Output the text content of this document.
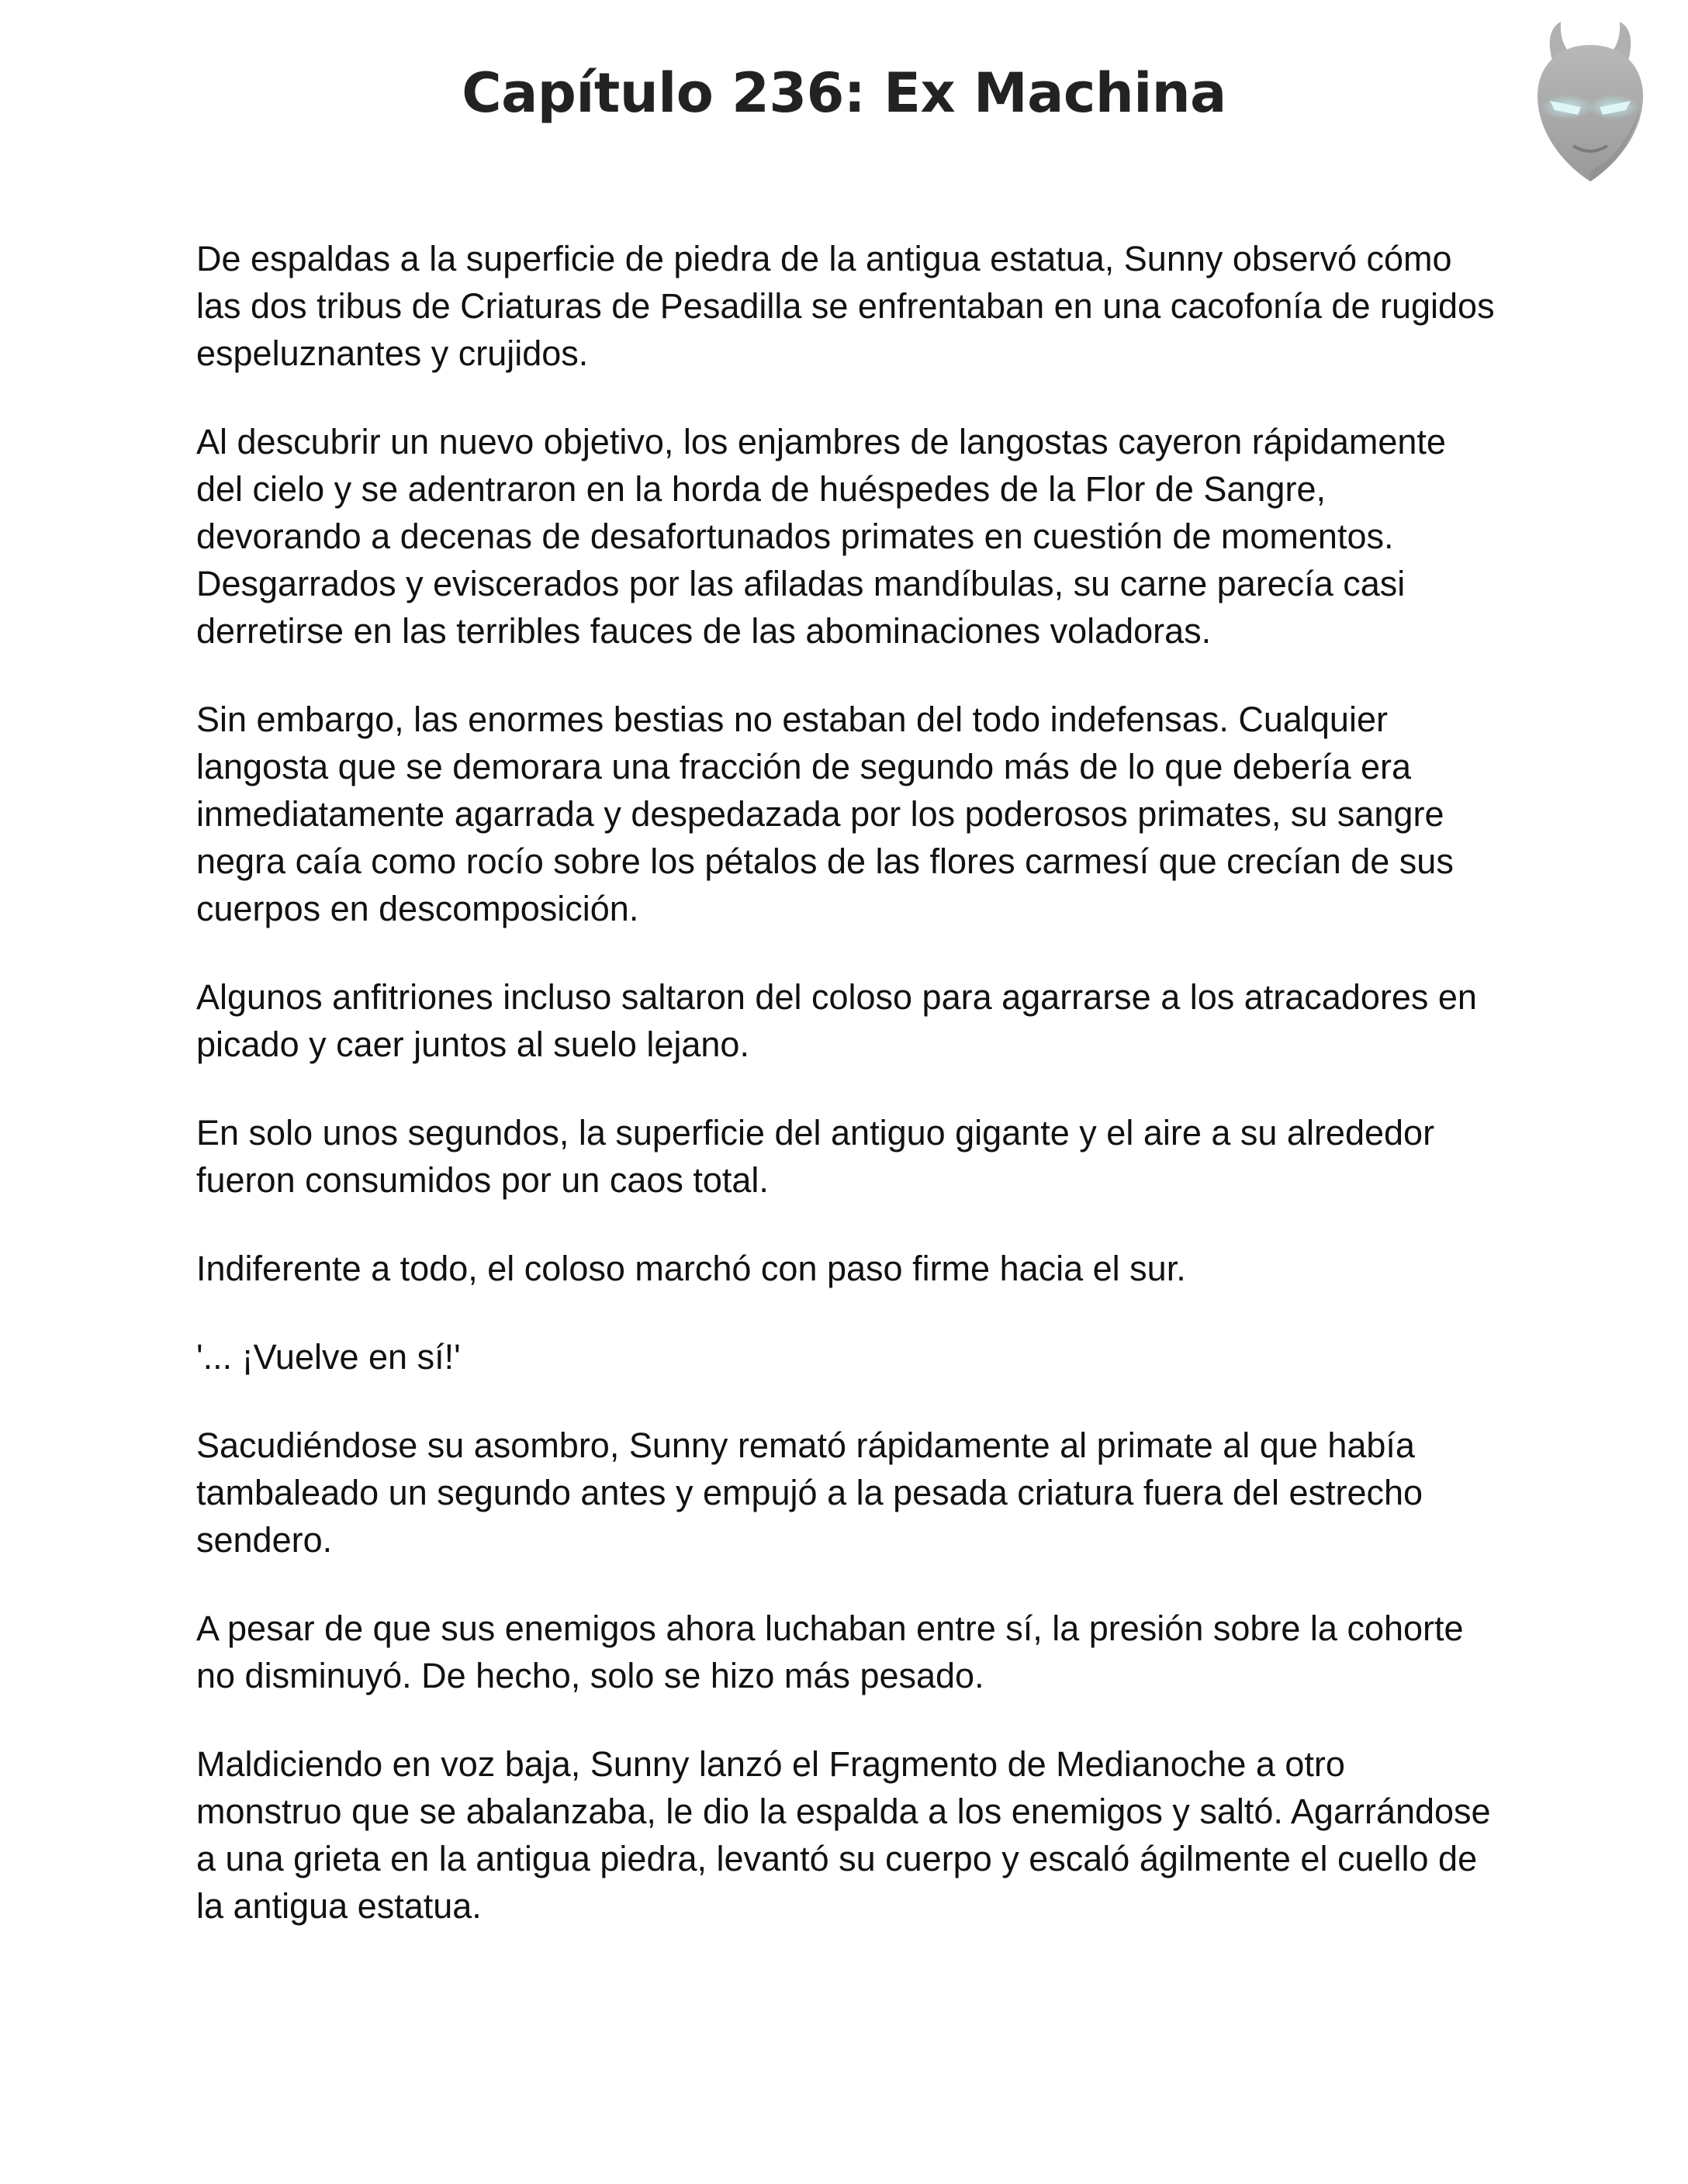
Capítulo 236: Ex Machina

De espaldas a la superficie de piedra de la antigua estatua, Sunny observó cómo las dos tribus de Criaturas de Pesadilla se enfrentaban en una cacofonía de rugidos espeluznantes y crujidos.

Al descubrir un nuevo objetivo, los enjambres de langostas cayeron rápidamente del cielo y se adentraron en la horda de huéspedes de la Flor de Sangre, devorando a decenas de desafortunados primates en cuestión de momentos. Desgarrados y eviscerados por las afiladas mandíbulas, su carne parecía casi derretirse en las terribles fauces de las abominaciones voladoras.

Sin embargo, las enormes bestias no estaban del todo indefensas. Cualquier langosta que se demorara una fracción de segundo más de lo que debería era inmediatamente agarrada y despedazada por los poderosos primates, su sangre negra caía como rocío sobre los pétalos de las flores carmesí que crecían de sus cuerpos en descomposición.

Algunos anfitriones incluso saltaron del coloso para agarrarse a los atracadores en picado y caer juntos al suelo lejano.

En solo unos segundos, la superficie del antiguo gigante y el aire a su alrededor fueron consumidos por un caos total.

Indiferente a todo, el coloso marchó con paso firme hacia el sur.

'... ¡Vuelve en sí!'

Sacudiéndose su asombro, Sunny remató rápidamente al primate al que había tambaleado un segundo antes y empujó a la pesada criatura fuera del estrecho sendero.

A pesar de que sus enemigos ahora luchaban entre sí, la presión sobre la cohorte no disminuyó. De hecho, solo se hizo más pesado.

Maldiciendo en voz baja, Sunny lanzó el Fragmento de Medianoche a otro monstruo que se abalanzaba, le dio la espalda a los enemigos y saltó. Agarrándose a una grieta en la antigua piedra, levantó su cuerpo y escaló ágilmente el cuello de la antigua estatua.
